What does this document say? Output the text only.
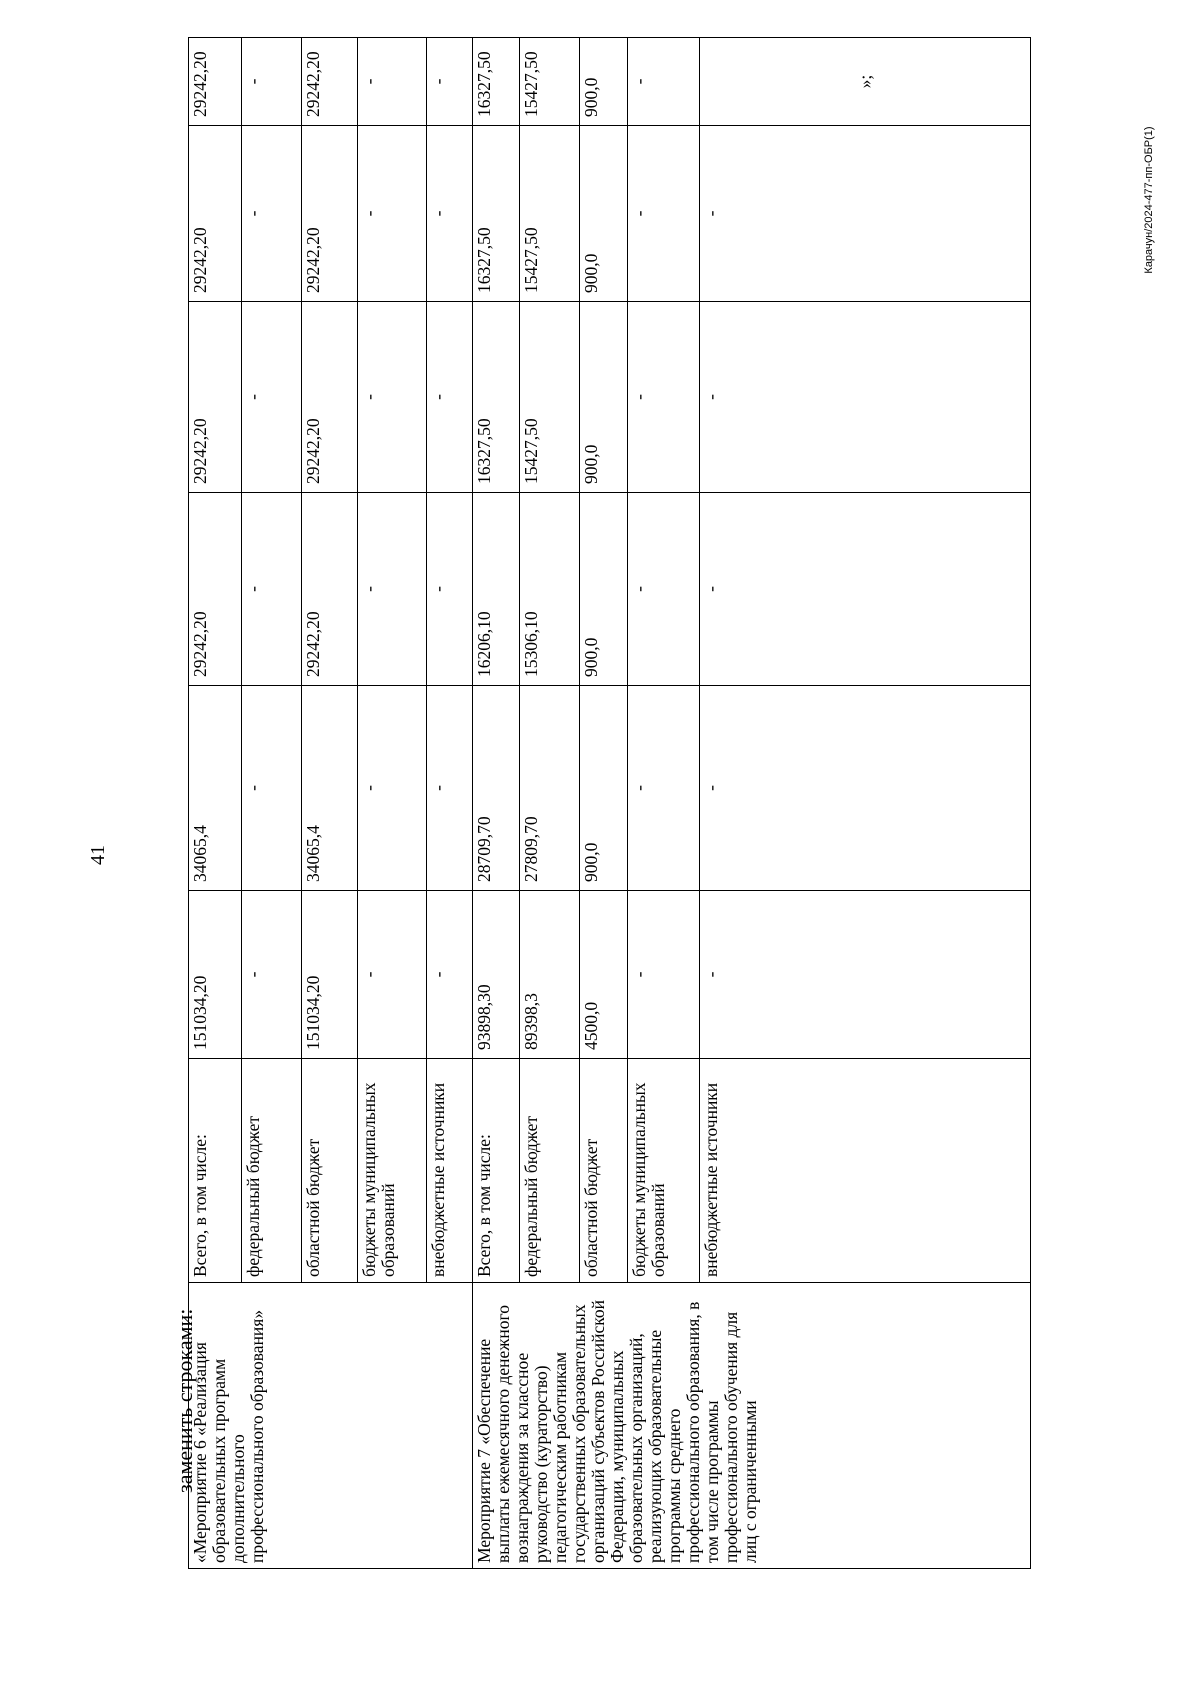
41
заменить строками:
Карачун/2024-477-пп-ОБР(1)
«Мероприятие 6 «Реализация образовательных программ дополнительного профессионального образования»	Всего, в том числе:	151034,20	34065,4	29242,20	29242,20	29242,20	29242,20
	федеральный бюджет	-	-	-	-	-	-
	областной бюджет	151034,20	34065,4	29242,20	29242,20	29242,20	29242,20
	бюджеты муниципальных образований	-	-	-	-	-	-
	внебюджетные источники	-	-	-	-	-	-
Мероприятие 7 «Обеспечение выплаты ежемесячного денежного вознаграждения за классное руководство (кураторство) педагогическим работникам государственных образовательных организаций субъектов Российской Федерации, муниципальных образовательных организаций, реализующих образовательные программы среднего профессионального образования, в том числе программы профессионального обучения для лиц с ограниченными	Всего, в том числе:	93898,30	28709,70	16206,10	16327,50	16327,50	16327,50
	федеральный бюджет	89398,3	27809,70	15306,10	15427,50	15427,50	15427,50
	областной бюджет	4500,0	900,0	900,0	900,0	900,0	900,0
	бюджеты муниципальных образований	-	-	-	-	-	-
	внебюджетные источники	-	-	-	-	-	»;
